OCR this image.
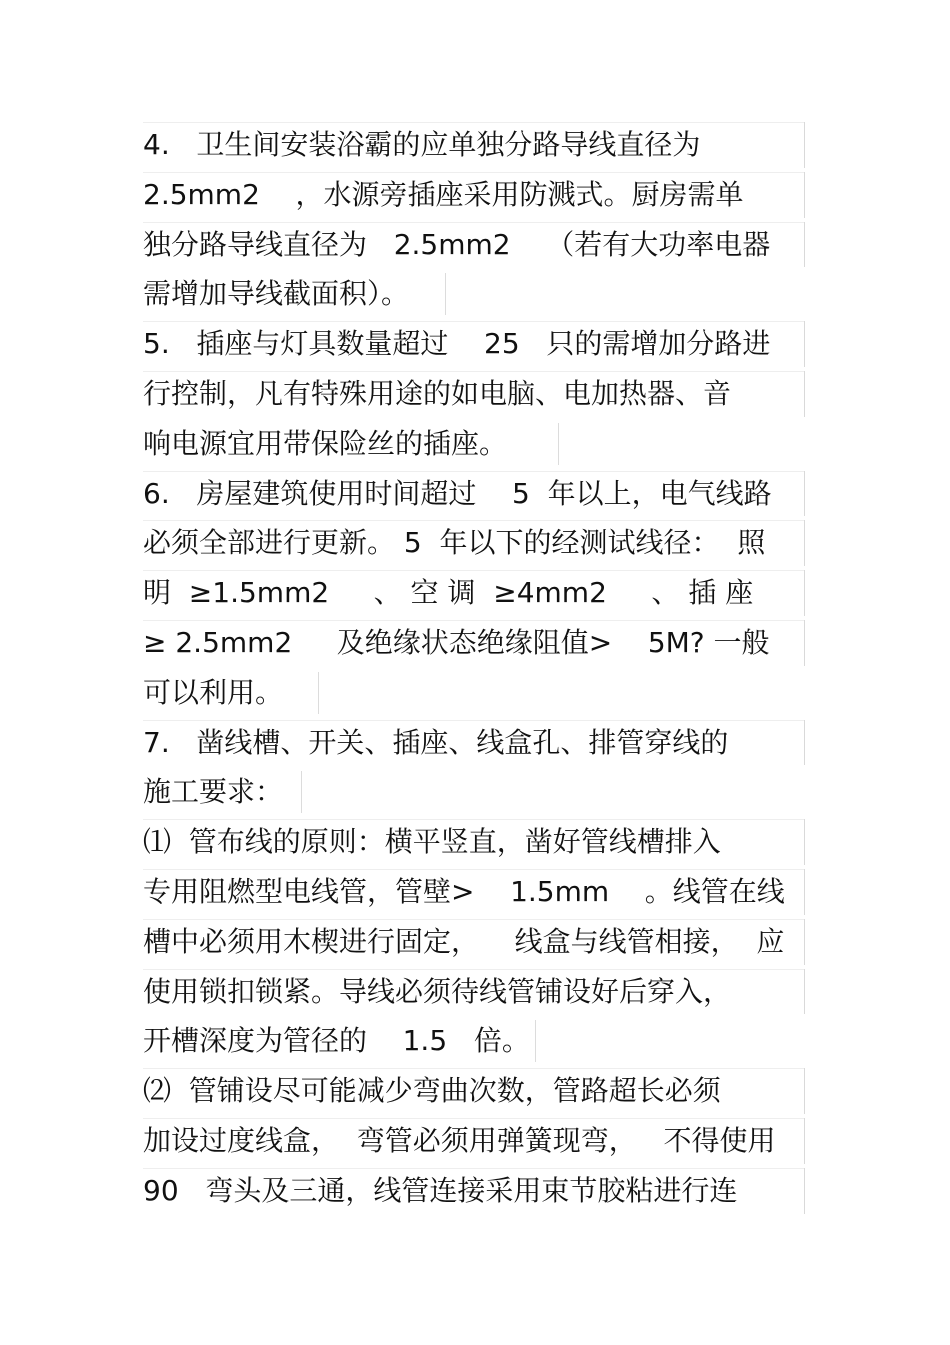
4.   卫生间安装浴霸的应单独分路导线直径为
2.5mm2    ，水源旁插座采用防溅式。厨房需单
独分路导线直径为   2.5mm2    （若有大功率电器
需增加导线截面积）。
5.   插座与灯具数量超过    25   只的需增加分路进
行控制，凡有特殊用途的如电脑、电加热器、音
响电源宜用带保险丝的插座。
6.   房屋建筑使用时间超过    5  年以上，电气线路
必须全部进行更新。 5  年以下的经测试线径：  照
明  ≥1.5mm2     、 空 调  ≥4mm2     、 插 座
≥ 2.5mm2     及绝缘状态绝缘阻值>    5M? 一般
可以利用。
7.   凿线槽、开关、插座、线盒孔、排管穿线的
施工要求：
⑴  管布线的原则：横平竖直，凿好管线槽排入
专用阻燃型电线管，管壁>    1.5mm    。线管在线
槽中必须用木楔进行固定，    线盒与线管相接，  应
使用锁扣锁紧。导线必须待线管铺设好后穿入，
开槽深度为管径的    1.5   倍。
⑵  管铺设尽可能减少弯曲次数，管路超长必须
加设过度线盒，  弯管必须用弹簧现弯，   不得使用
90   弯头及三通，线管连接采用束节胶粘进行连
